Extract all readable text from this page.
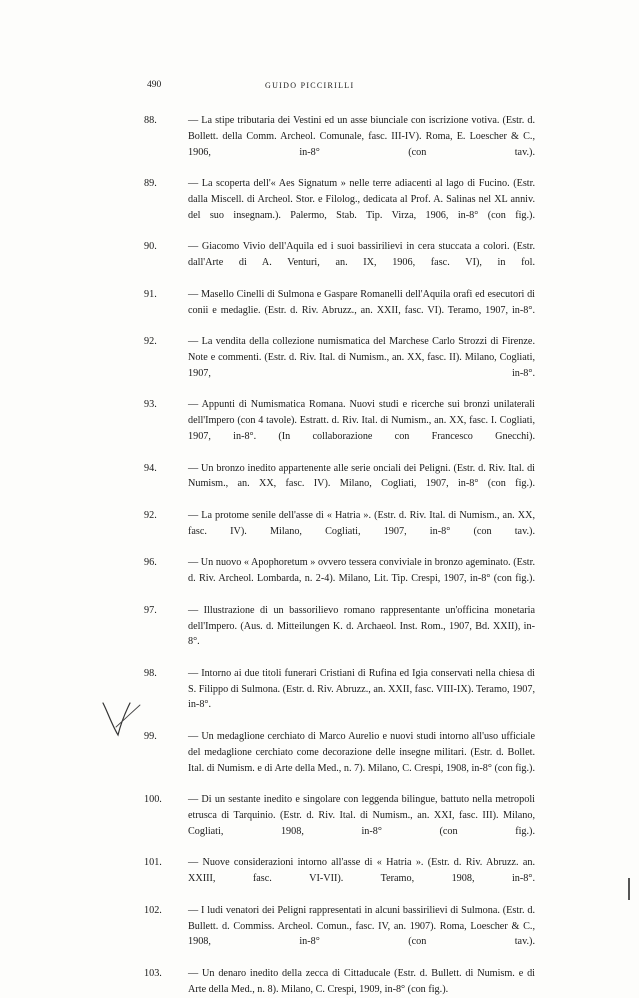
490	GUIDO PICCIRILLI
88.	— La stipe tributaria dei Vestini ed un asse biunciale con iscrizione votiva. (Estr. d. Bollett. della Comm. Archeol. Comunale, fasc. III-IV). Roma, E. Loescher & C., 1906, in-8° (con tav.).
89.	— La scoperta dell'« Aes Signatum » nelle terre adiacenti al lago di Fucino. (Estr. dalla Miscell. di Archeol. Stor. e Filolog., dedicata al Prof. A. Salinas nel XL anniv. del suo insegnam.). Palermo, Stab. Tip. Virza, 1906, in-8° (con fig.).
90.	— Giacomo Vivio dell'Aquila ed i suoi bassirilievi in cera stuccata a colori. (Estr. dall'Arte di A. Venturi, an. IX, 1906, fasc. VI), in fol.
91.	— Masello Cinelli di Sulmona e Gaspare Romanelli dell'Aquila orafi ed esecutori di conii e medaglie. (Estr. d. Riv. Abruzz., an. XXII, fasc. VI). Teramo, 1907, in-8°.
92.	— La vendita della collezione numismatica del Marchese Carlo Strozzi di Firenze. Note e commenti. (Estr. d. Riv. Ital. di Numism., an. XX, fasc. II). Milano, Cogliati, 1907, in-8°.
93.	— Appunti di Numismatica Romana. Nuovi studi e ricerche sui bronzi unilaterali dell'Impero (con 4 tavole). Estratt. d. Riv. Ital. di Numism., an. XX, fasc. I. Cogliati, 1907, in-8°. (In collaborazione con Francesco Gnecchi).
94.	— Un bronzo inedito appartenente alle serie onciali dei Peligni. (Estr. d. Riv. Ital. di Numism., an. XX, fasc. IV). Milano, Cogliati, 1907, in-8° (con fig.).
92.	— La protome senile dell'asse di « Hatria ». (Estr. d. Riv. Ital. di Numism., an. XX, fasc. IV). Milano, Cogliati, 1907, in-8° (con tav.).
96.	— Un nuovo « Apophoretum » ovvero tessera conviviale in bronzo ageminato. (Estr. d. Riv. Archeol. Lombarda, n. 2-4). Milano, Lit. Tip. Crespi, 1907, in-8° (con fig.).
97.	— Illustrazione di un bassorilievo romano rappresentante un'officina monetaria dell'Impero. (Aus. d. Mitteilungen K. d. Archaeol. Inst. Rom., 1907, Bd. XXII), in-8°.
98.	— Intorno ai due titoli funerari Cristiani di Rufina ed Igia conservati nella chiesa di S. Filippo di Sulmona. (Estr. d. Riv. Abruzz., an. XXII, fasc. VIII-IX). Teramo, 1907, in-8°.
99.	— Un medaglione cerchiato di Marco Aurelio e nuovi studi intorno all'uso ufficiale del medaglione cerchiato come decorazione delle insegne militari. (Estr. d. Bollet. Ital. di Numism. e di Arte della Med., n. 7). Milano, C. Crespi, 1908, in-8° (con fig.).
100.	— Di un sestante inedito e singolare con leggenda bilingue, battuto nella metropoli etrusca di Tarquinio. (Estr. d. Riv. Ital. di Numism., an. XXI, fasc. III). Milano, Cogliati, 1908, in-8° (con fig.).
101.	— Nuove considerazioni intorno all'asse di « Hatria ». (Estr. d. Riv. Abruzz. an. XXIII, fasc. VI-VII). Teramo, 1908, in-8°.
102.	— I ludi venatori dei Peligni rappresentati in alcuni bassirilievi di Sulmona. (Estr. d. Bullett. d. Commiss. Archeol. Comun., fasc. IV, an. 1907). Roma, Loescher & C., 1908, in-8° (con tav.).
103.	— Un denaro inedito della zecca di Cittaducale (Estr. d. Bullett. di Numism. e di Arte della Med., n. 8). Milano, C. Crespi, 1909, in-8° (con fig.).
